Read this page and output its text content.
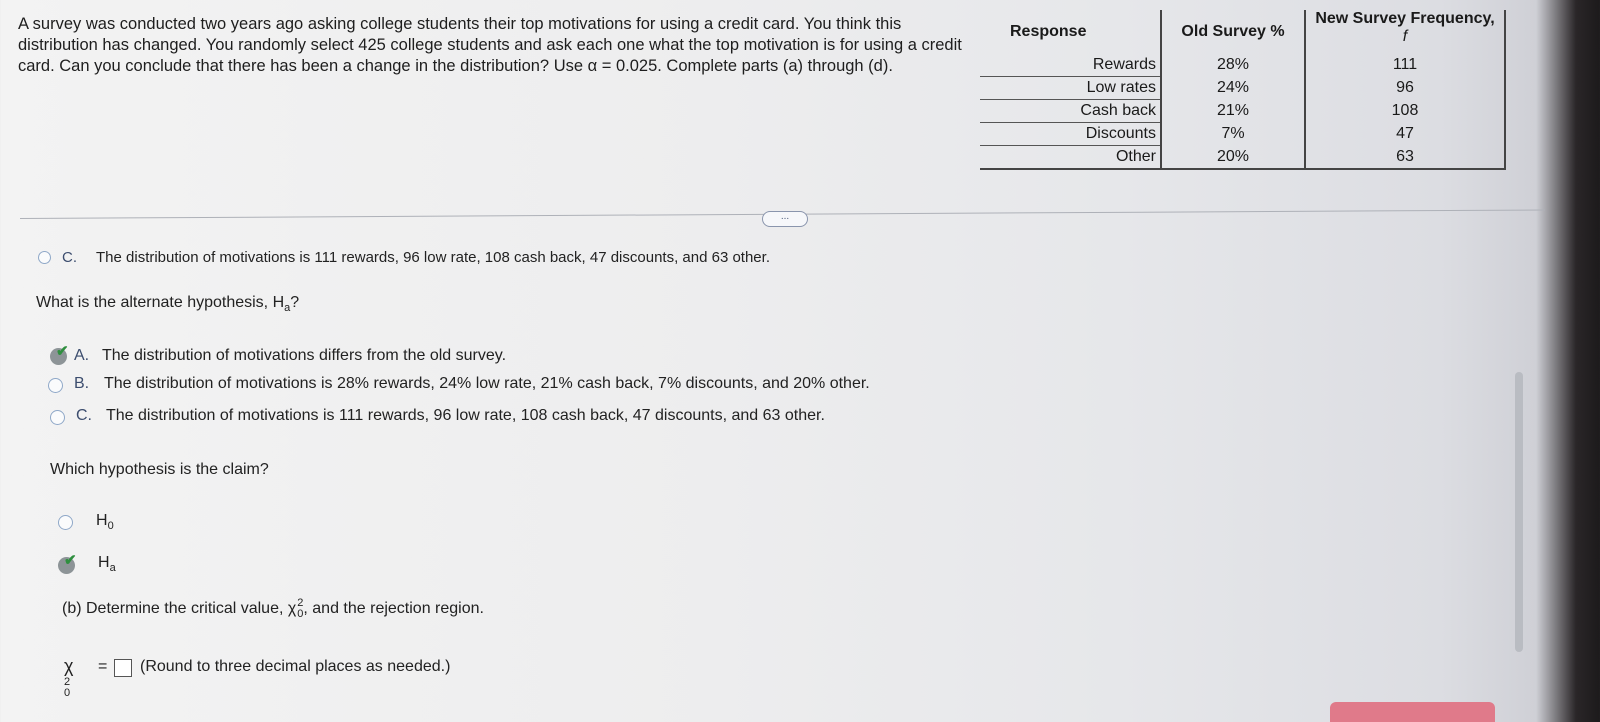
A survey was conducted two years ago asking college students their top motivations for using a credit card. You think this distribution has changed. You randomly select 425 college students and ask each one what the top motivation is for using a credit card. Can you conclude that there has been a change in the distribution? Use α = 0.025. Complete parts (a) through (d).
Response	Old Survey %	New Survey Frequency,
f

Rewards	28%	111
Low rates	24%	96
Cash back	21%	108
Discounts	7%	47
Other	20%	63
...
C. The distribution of motivations is 111 rewards, 96 low rate, 108 cash back, 47 discounts, and 63 other.
What is the alternate hypothesis, $H_a$?
✔ A. The distribution of motivations differs from the old survey.
B. The distribution of motivations is 28% rewards, 24% low rate, 21% cash back, 7% discounts, and 20% other.
C. The distribution of motivations is 111 rewards, 96 low rate, 108 cash back, 47 discounts, and 63 other.
Which hypothesis is the claim?
$H_0$
✔ $H_a$
(b) Determine the critical value, χ 2
0 , and the rejection region.
χ
2
0
= (Round to three decimal places as needed.)
